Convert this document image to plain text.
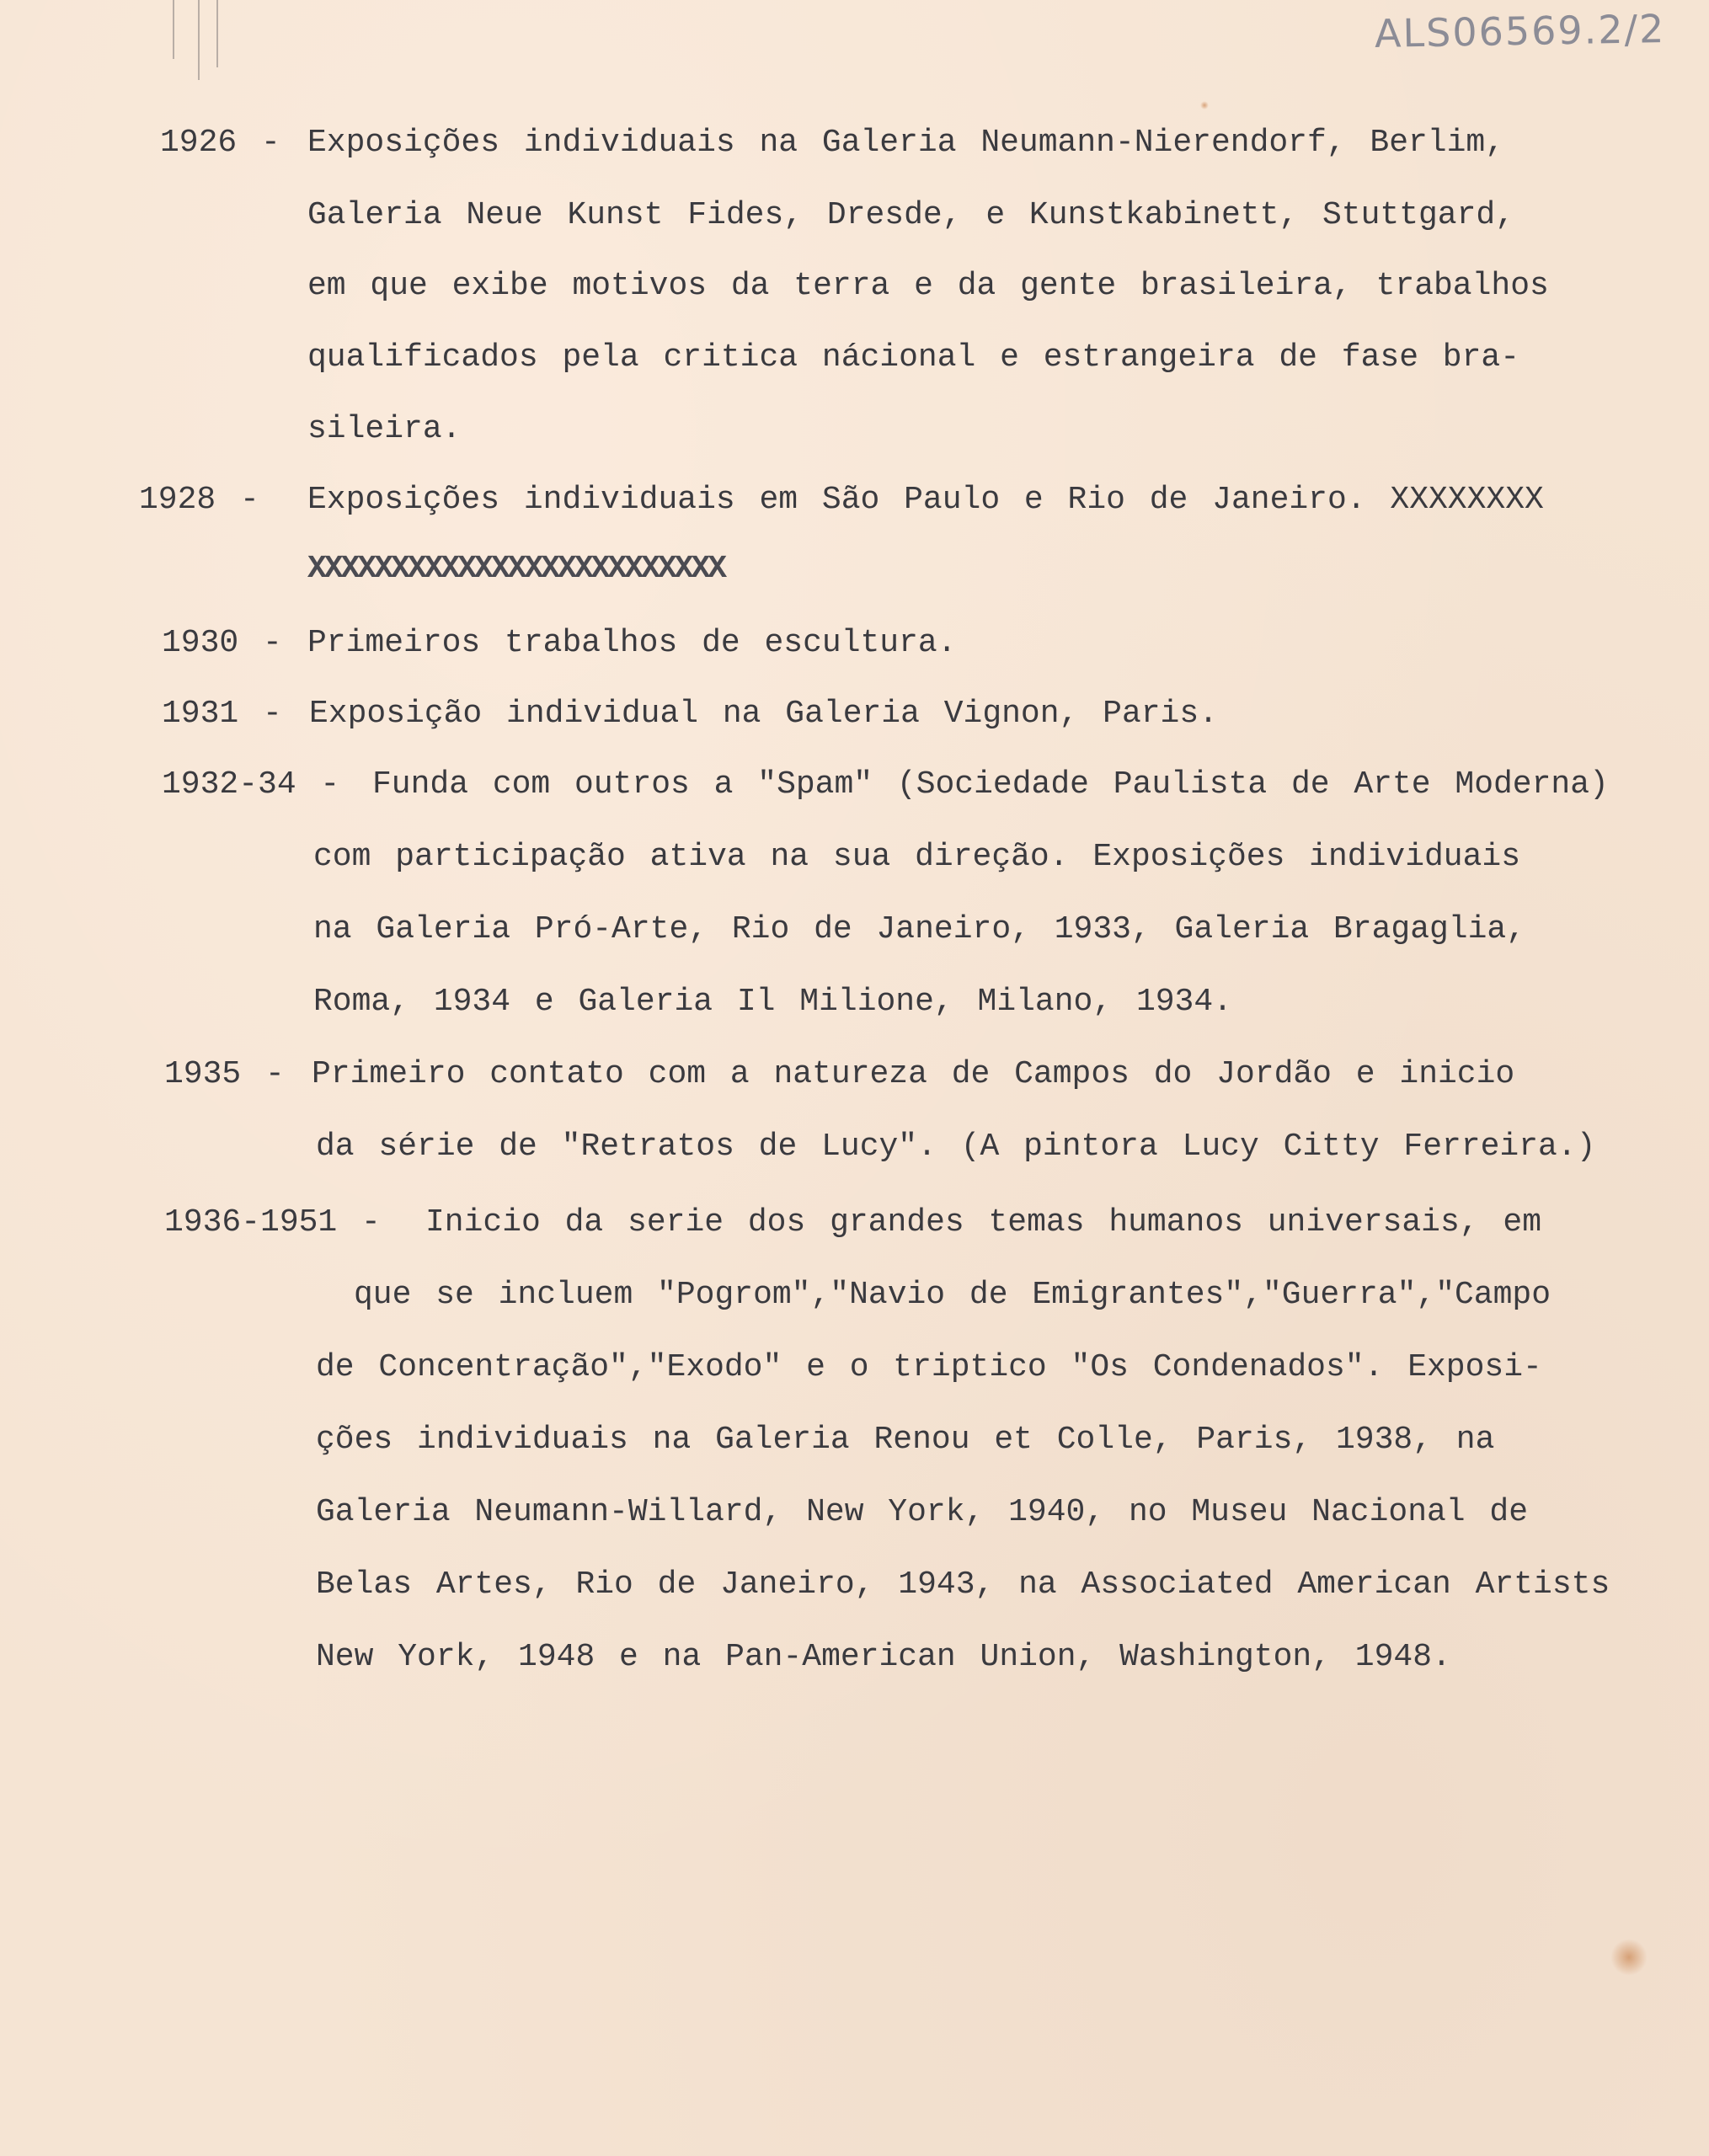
ALS06569.2/2
1926 - Exposições individuais na Galeria Neumann-Nierendorf, Berlim,
Galeria Neue Kunst Fides, Dresde, e Kunstkabinett, Stuttgard,
em que exibe motivos da terra e da gente brasileira, trabalhos
qualificados pela critica nácional e estrangeira de fase bra-
sileira.
1928 - Exposições individuais em São Paulo e Rio de Janeiro. XXXXXXXX
XXXXXXXXXXXXXXXXXXXXXXXXX
1930 - Primeiros trabalhos de escultura.
1931 - Exposição individual na Galeria Vignon, Paris.
1932-34 - Funda com outros a "Spam" (Sociedade Paulista de Arte Moderna)
com participação ativa na sua direção. Exposições individuais
na Galeria Pró-Arte, Rio de Janeiro, 1933, Galeria Bragaglia,
Roma, 1934 e Galeria Il Milione, Milano, 1934.
1935 - Primeiro contato com a natureza de Campos do Jordão e inicio
da série de "Retratos de Lucy". (A pintora Lucy Citty Ferreira.)
1936-1951 - Inicio da serie dos grandes temas humanos universais, em
que se incluem "Pogrom","Navio de Emigrantes","Guerra","Campo
de Concentração","Exodo" e o triptico "Os Condenados". Exposi-
ções individuais na Galeria Renou et Colle, Paris, 1938, na
Galeria Neumann-Willard, New York, 1940, no Museu Nacional de
Belas Artes, Rio de Janeiro, 1943, na Associated American Artists
New York, 1948 e na Pan-American Union, Washington, 1948.
